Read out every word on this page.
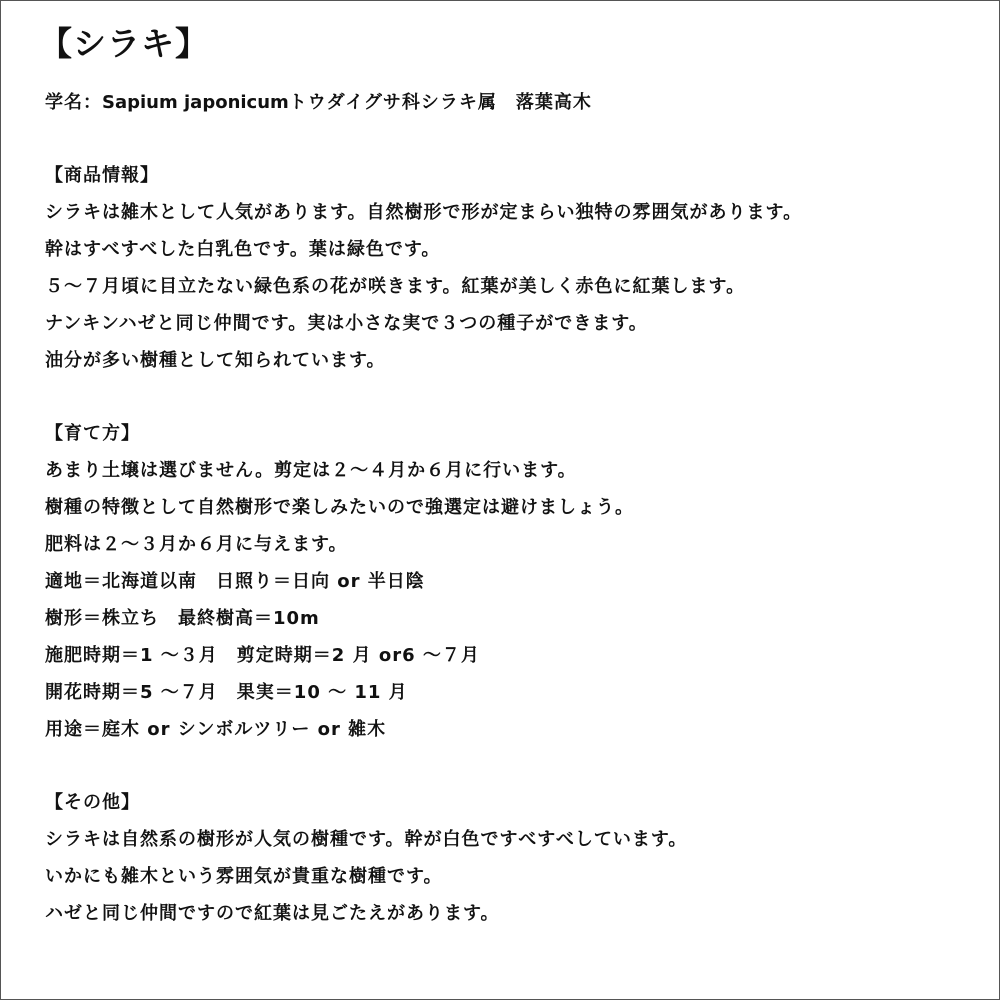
【シラキ】

学名：Sapium japonicumトウダイグサ科シラキ属　落葉高木

【商品情報】

シラキは雑木として人気があります。自然樹形で形が定まらい独特の雰囲気があります。

幹はすべすべした白乳色です。葉は緑色です。

５～７月頃に目立たない緑色系の花が咲きます。紅葉が美しく赤色に紅葉します。

ナンキンハゼと同じ仲間です。実は小さな実で３つの種子ができます。

油分が多い樹種として知られています。

【育て方】

あまり土壌は選びません。剪定は２～４月か６月に行います。

樹種の特徴として自然樹形で楽しみたいので強選定は避けましょう。

肥料は２～３月か６月に与えます。

適地＝北海道以南　日照り＝日向 or 半日陰

樹形＝株立ち　最終樹高＝10m

施肥時期＝1 ～３月　剪定時期＝2 月 or6 ～７月

開花時期＝5 ～７月　果実＝10 ～ 11 月

用途＝庭木 or シンボルツリー or 雑木

【その他】

シラキは自然系の樹形が人気の樹種です。幹が白色ですべすべしています。

いかにも雑木という雰囲気が貴重な樹種です。

ハゼと同じ仲間ですので紅葉は見ごたえがあります。
